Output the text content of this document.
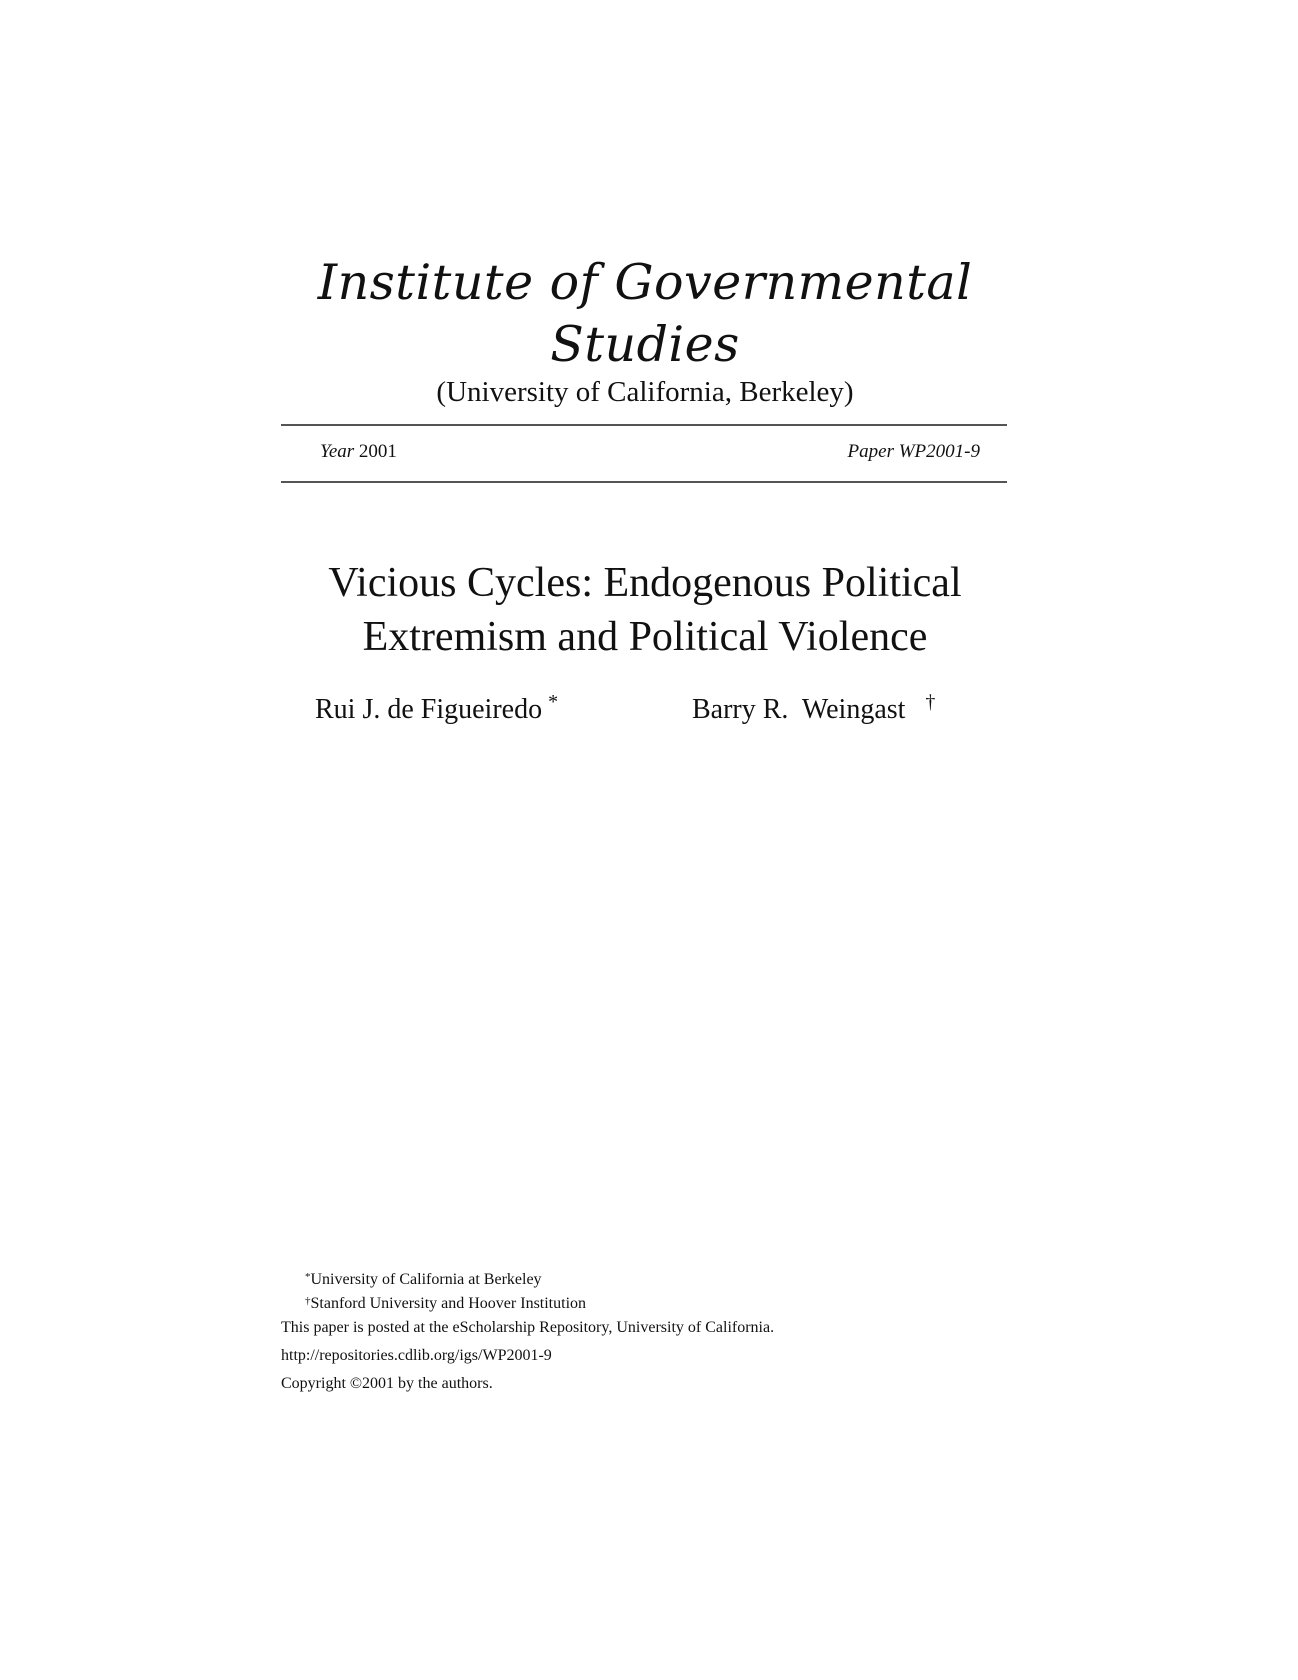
Institute of Governmental
Studies

(University of California, Berkeley)

Year 2001	Paper WP2001-9
Vicious Cycles: Endogenous Political
Extremism and Political Violence
Rui J. de Figueiredo *	Barry R.  Weingast †
*University of California at Berkeley
†Stanford University and Hoover Institution
This paper is posted at the eScholarship Repository, University of California.
http://repositories.cdlib.org/igs/WP2001-9
Copyright ©2001 by the authors.
